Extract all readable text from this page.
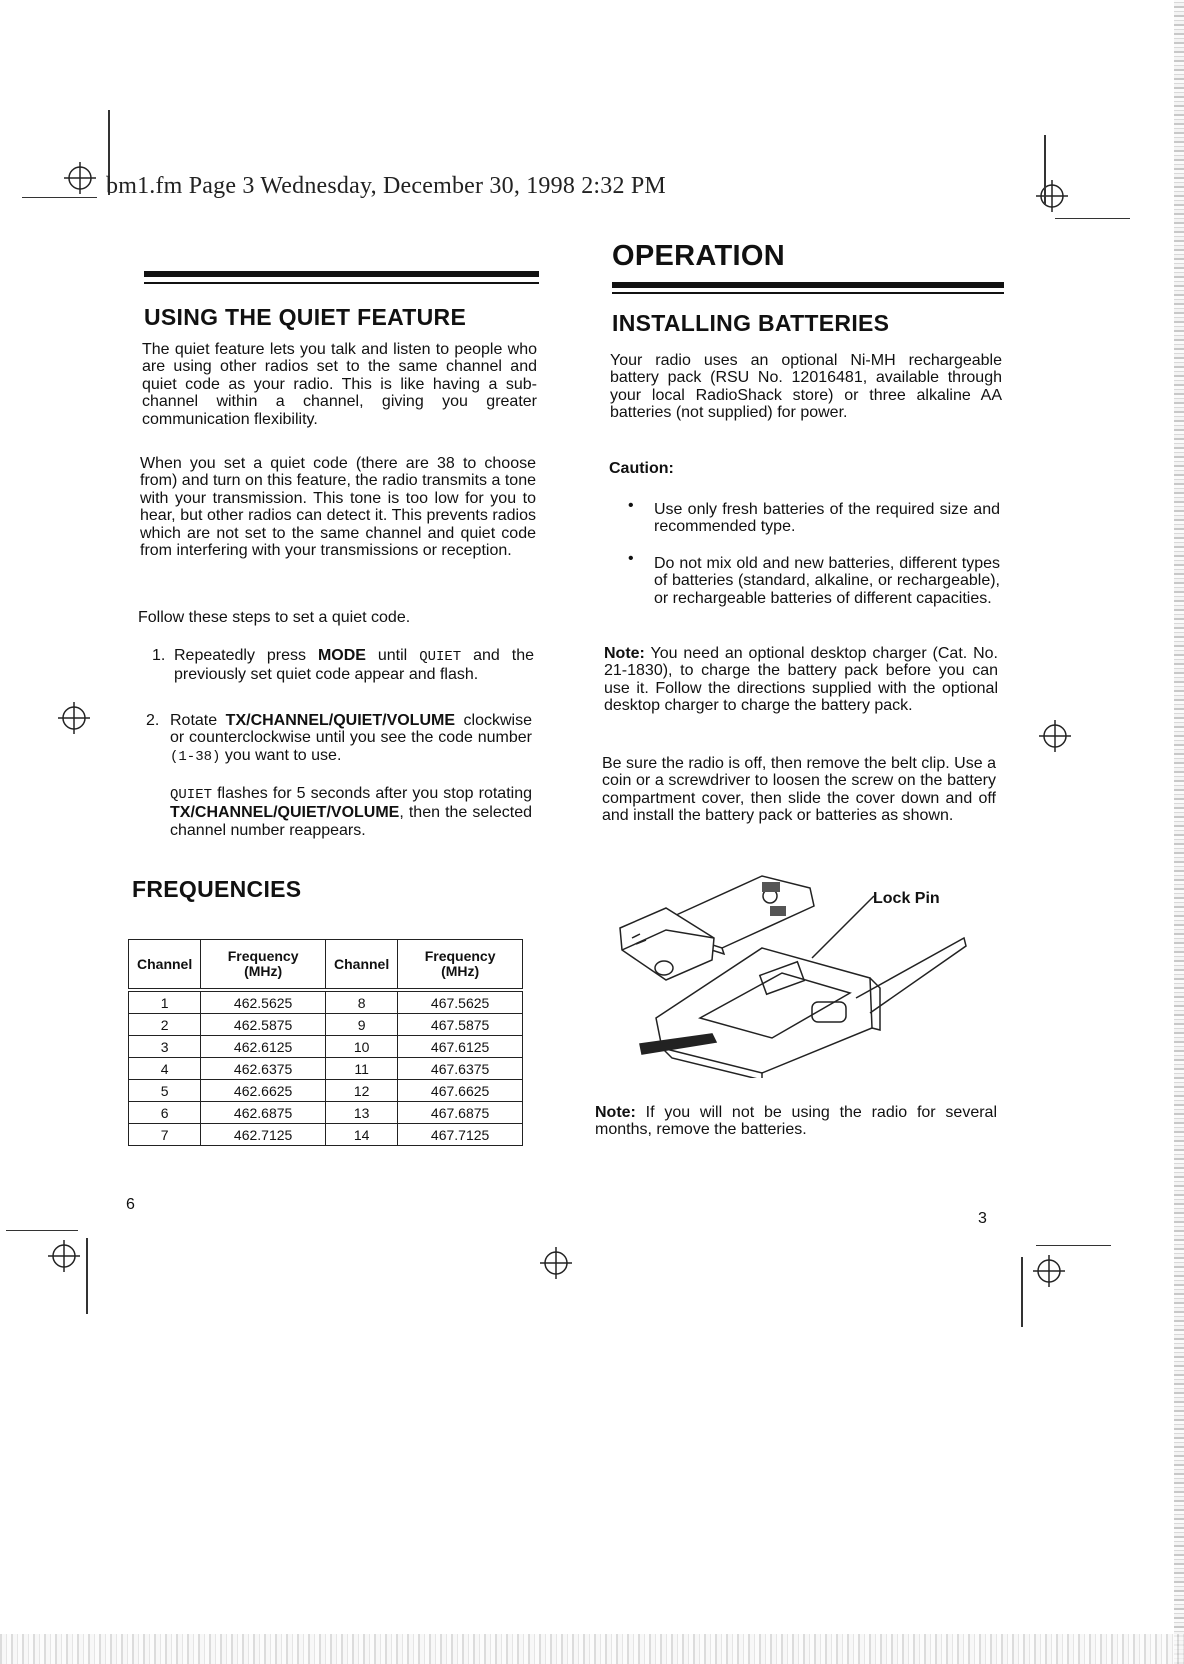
bm1.fm Page 3 Wednesday, December 30, 1998 2:32 PM
USING THE QUIET FEATURE
The quiet feature lets you talk and listen to people who are using other radios set to the same channel and quiet code as your radio. This is like having a sub-channel within a channel, giving you greater communication flexibility.
When you set a quiet code (there are 38 to choose from) and turn on this feature, the radio transmits a tone with your transmission. This tone is too low for you to hear, but other radios can detect it. This prevents radios which are not set to the same channel and quiet code from interfering with your transmissions or reception.
Follow these steps to set a quiet code.
1. Repeatedly press MODE until QUIET and the previously set quiet code appear and flash.
2. Rotate TX/CHANNEL/QUIET/VOLUME clockwise or counterclockwise until you see the code number (1-38) you want to use.
QUIET flashes for 5 seconds after you stop rotating TX/CHANNEL/QUIET/VOLUME, then the selected channel number reappears.
FREQUENCIES
Channel	Frequency (MHz)	Channel	Frequency (MHz)
1	462.5625	8	467.5625
2	462.5875	9	467.5875
3	462.6125	10	467.6125
4	462.6375	11	467.6375
5	462.6625	12	467.6625
6	462.6875	13	467.6875
7	462.7125	14	467.7125
6
OPERATION
INSTALLING BATTERIES
Your radio uses an optional Ni-MH rechargeable battery pack (RSU No. 12016481, available through your local RadioShack store) or three alkaline AA batteries (not supplied) for power.
Caution:
• Use only fresh batteries of the required size and recommended type.
• Do not mix old and new batteries, different types of batteries (standard, alkaline, or rechargeable), or rechargeable batteries of different capacities.
Note: You need an optional desktop charger (Cat. No. 21-1830), to charge the battery pack before you can use it. Follow the directions supplied with the optional desktop charger to charge the battery pack.
Be sure the radio is off, then remove the belt clip. Use a coin or a screwdriver to loosen the screw on the battery compartment cover, then slide the cover down and off and install the battery pack or batteries as shown.
Lock Pin
Note: If you will not be using the radio for several months, remove the batteries.
3
